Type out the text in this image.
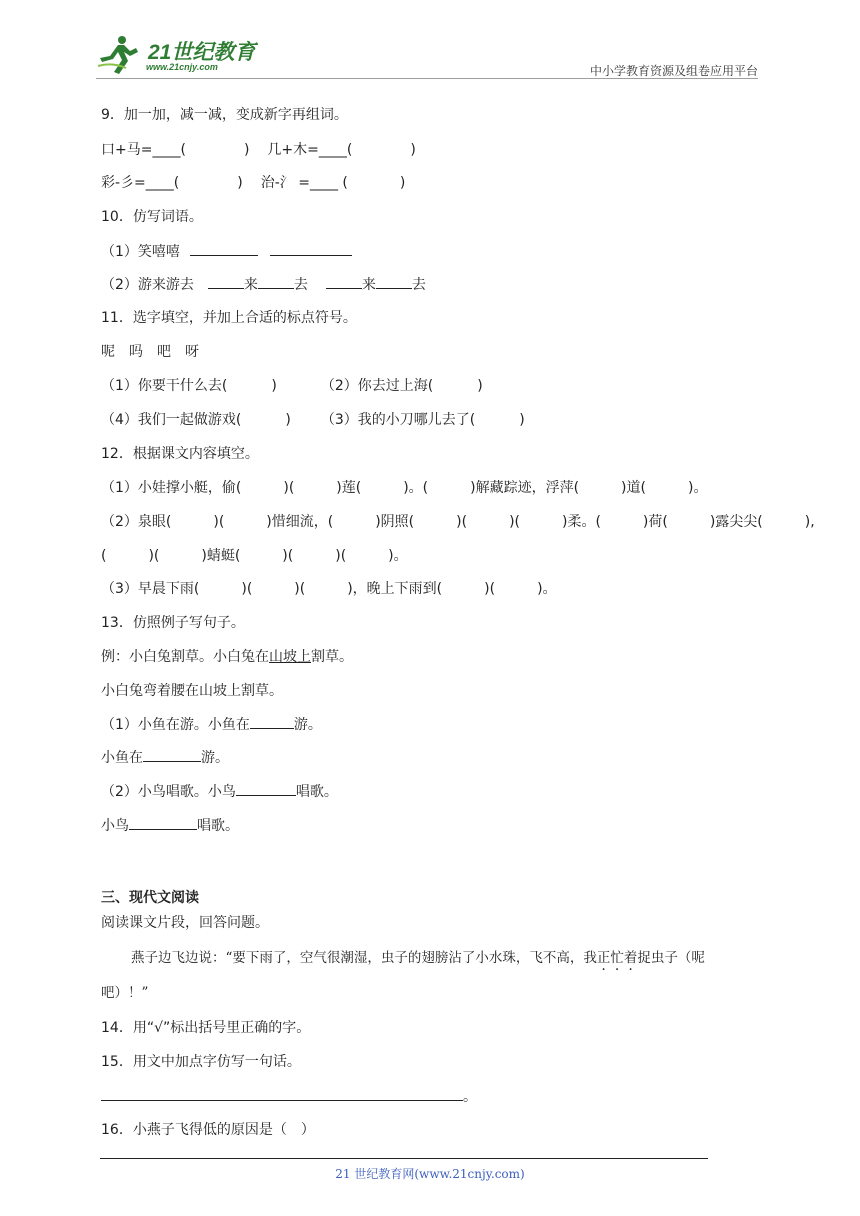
21世纪教育
www.21cnjy.com	中小学教育资源及组卷应用平台
9．加一加，减一减，变成新字再组词。
口+马=____(	) 几+木=____(	)
彩-彡=____(	) 治-氵 =____ (	)
10．仿写词语。
（1）笑嘻嘻
（2）游来游去	来	去	来	去
11．选字填空，并加上合适的标点符号。
呢　吗　吧　呀
（1）你要干什么去(	)	（2）你去过上海(	)
（4）我们一起做游戏(	) （3）我的小刀哪儿去了(	)
12．根据课文内容填空。
（1）小娃撑小艇，偷(　　　)(　　　)莲(　　　)。(　　　)解藏踪迹，浮萍(　　　)道(　　　)。
（2）泉眼(　　　)(　　　)惜细流，(　　　)阴照(　　　)(　　　)(　　　)柔。(　　　)荷(　　　)露尖尖(　　　),
(　　　)(　　　)蜻蜓(　　　)(　　　)(　　　)。
（3）早晨下雨(　　　)(　　　)(　　　)，晚上下雨到(　　　)(　　　)。
13．仿照例子写句子。
例：小白兔割草。小白兔在山坡上割草。
小白兔弯着腰在山坡上割草。
（1）小鱼在游。小鱼在	游。
小鱼在	游。
（2）小鸟唱歌。小鸟	唱歌。
小鸟	唱歌。
三、现代文阅读
阅读课文片段，回答问题。
燕子边飞边说：“要下雨了，空气很潮湿，虫子的翅膀沾了小水珠，飞不高，我正忙着捉虫子（呢
吧）！”
14．用“√”标出括号里正确的字。
15．用文中加点字仿写一句话。
。
16．小燕子飞得低的原因是（　）
21 世纪教育网(www.21cnjy.com)
